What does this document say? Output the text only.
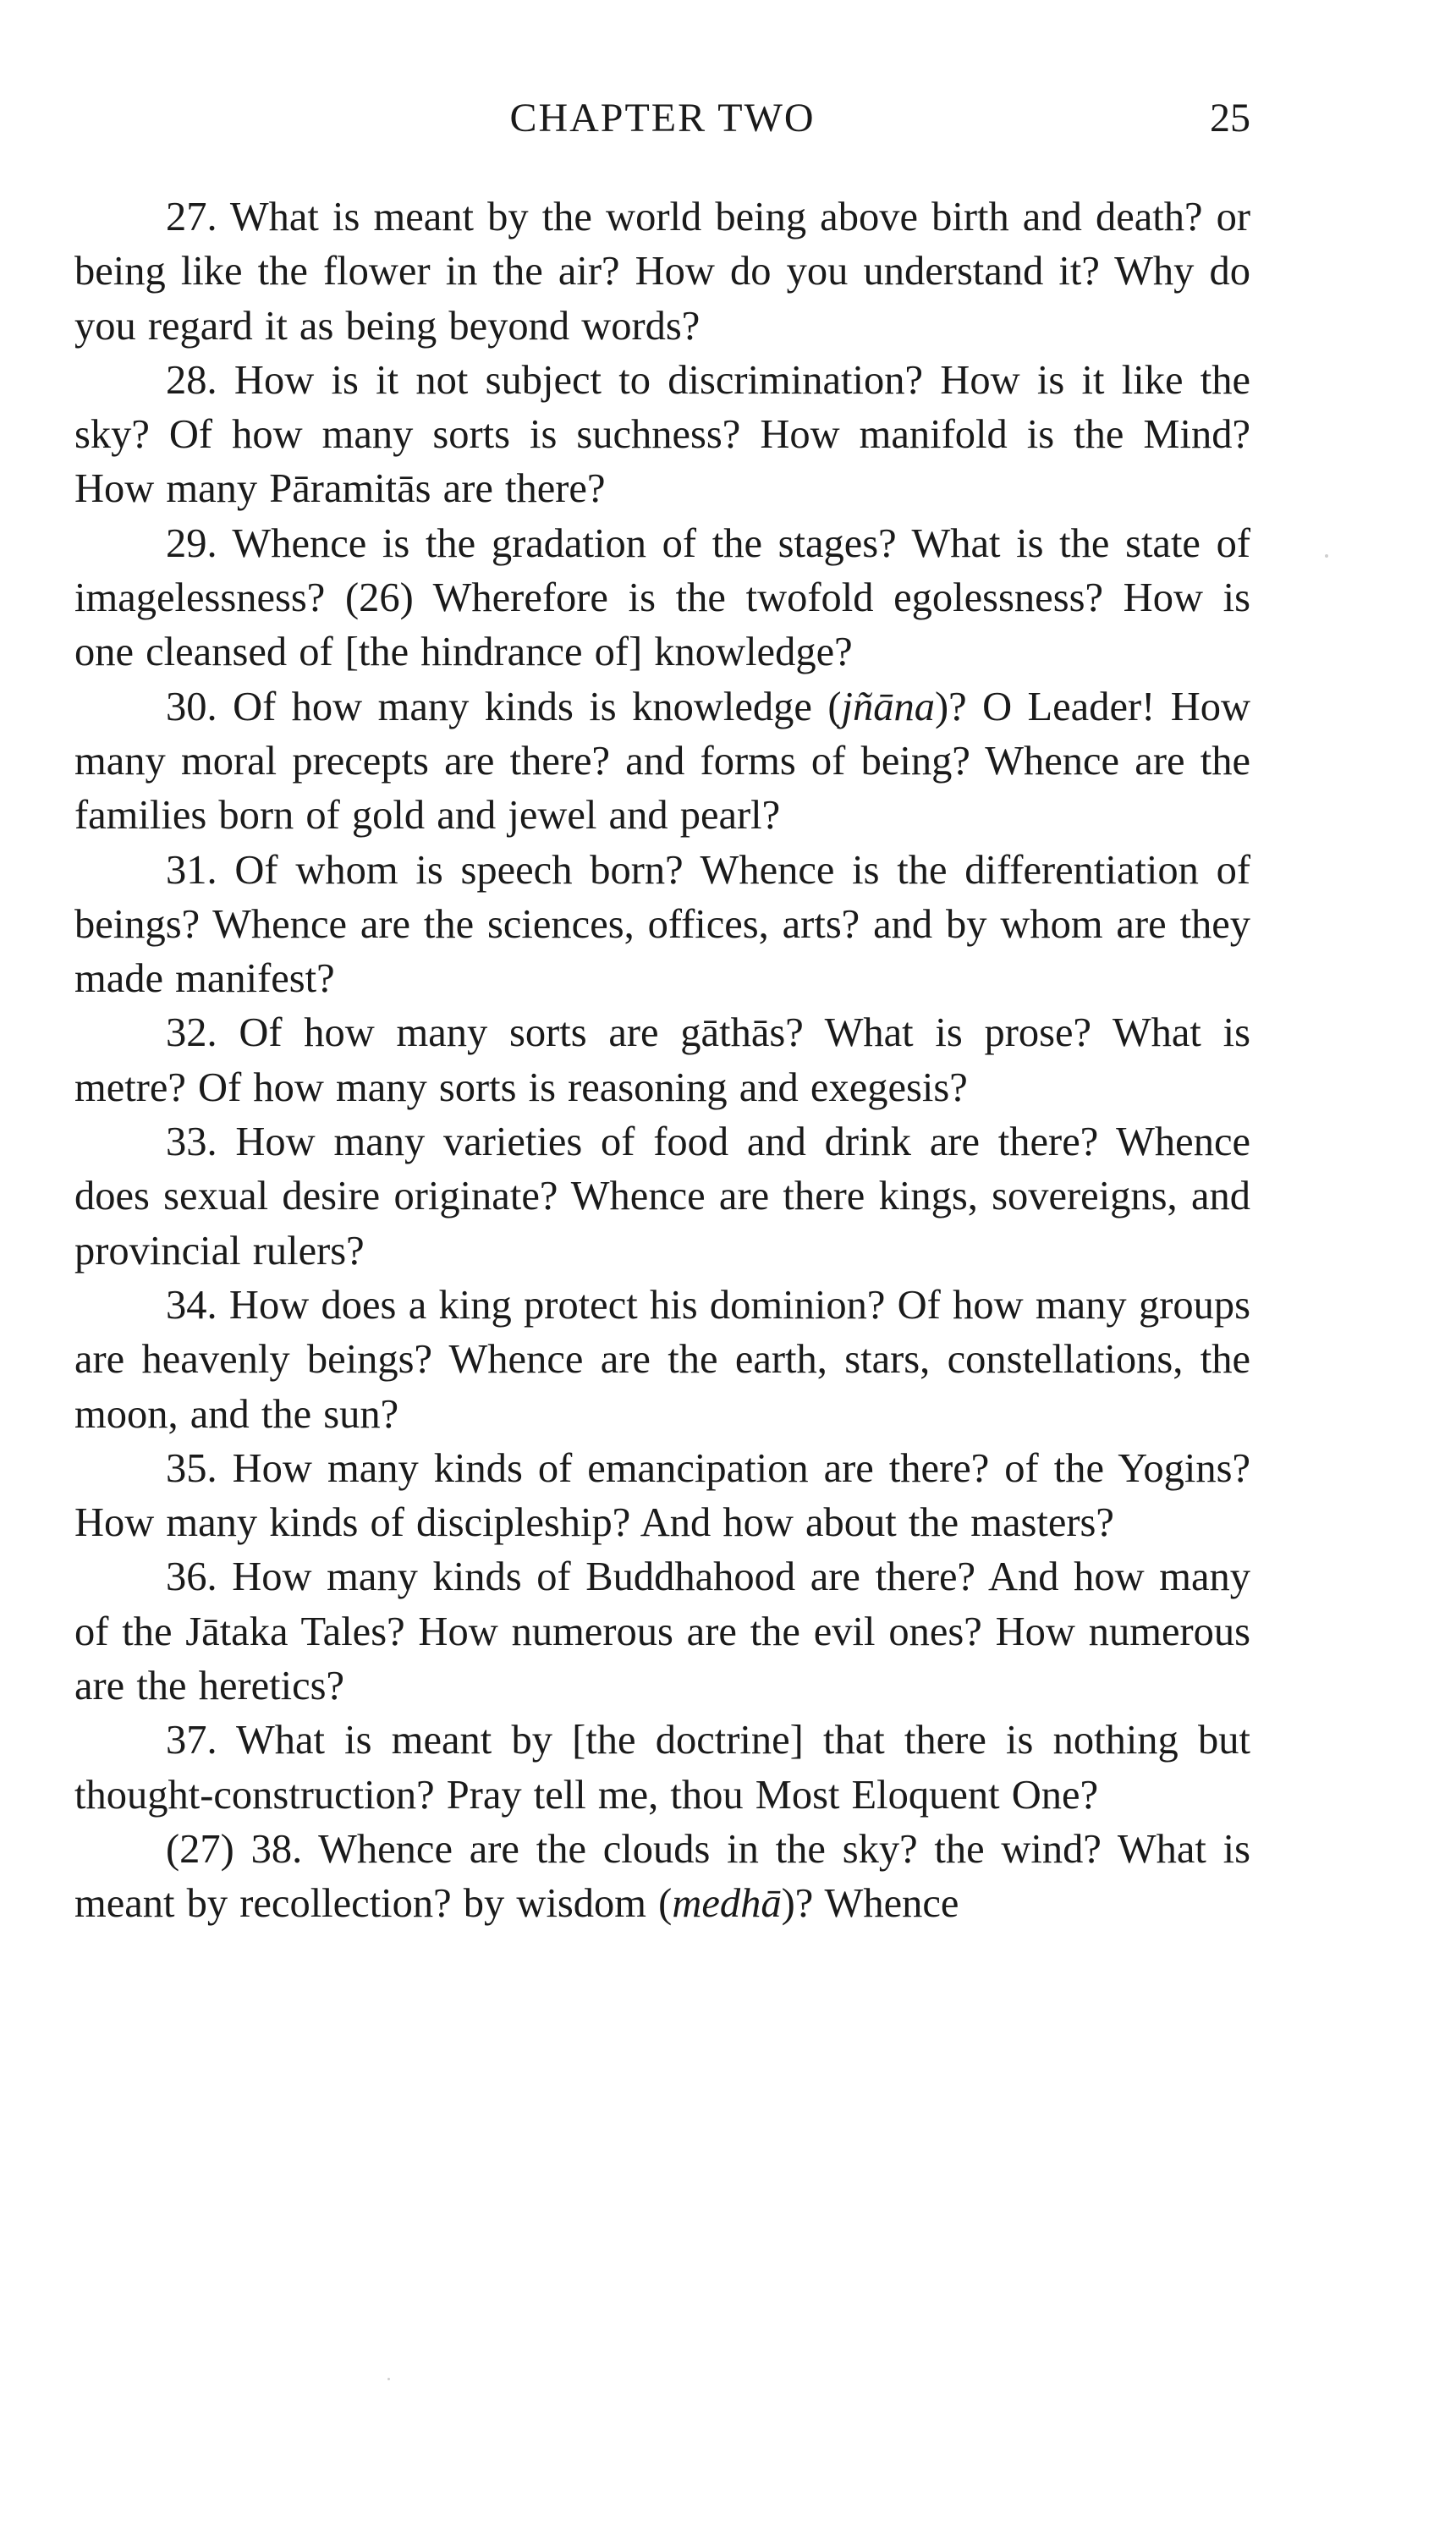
CHAPTER TWO	25

27. What is meant by the world being above birth and death? or being like the flower in the air? How do you understand it? Why do you regard it as being beyond words?

28. How is it not subject to discrimination? How is it like the sky? Of how many sorts is suchness? How manifold is the Mind? How many Pāramitās are there?

29. Whence is the gradation of the stages? What is the state of imagelessness? (26) Wherefore is the twofold egolessness? How is one cleansed of [the hindrance of] knowledge?

30. Of how many kinds is knowledge (jñāna)? O Leader! How many moral precepts are there? and forms of being? Whence are the families born of gold and jewel and pearl?

31. Of whom is speech born? Whence is the differentiation of beings? Whence are the sciences, offices, arts? and by whom are they made manifest?

32. Of how many sorts are gāthās? What is prose? What is metre? Of how many sorts is reasoning and exegesis?

33. How many varieties of food and drink are there? Whence does sexual desire originate? Whence are there kings, sovereigns, and provincial rulers?

34. How does a king protect his dominion? Of how many groups are heavenly beings? Whence are the earth, stars, constellations, the moon, and the sun?

35. How many kinds of emancipation are there? of the Yogins? How many kinds of discipleship? And how about the masters?

36. How many kinds of Buddhahood are there? And how many of the Jātaka Tales? How numerous are the evil ones? How numerous are the heretics?

37. What is meant by [the doctrine] that there is nothing but thought-construction? Pray tell me, thou Most Eloquent One?

(27) 38. Whence are the clouds in the sky? the wind? What is meant by recollection? by wisdom (medhā)? Whence
